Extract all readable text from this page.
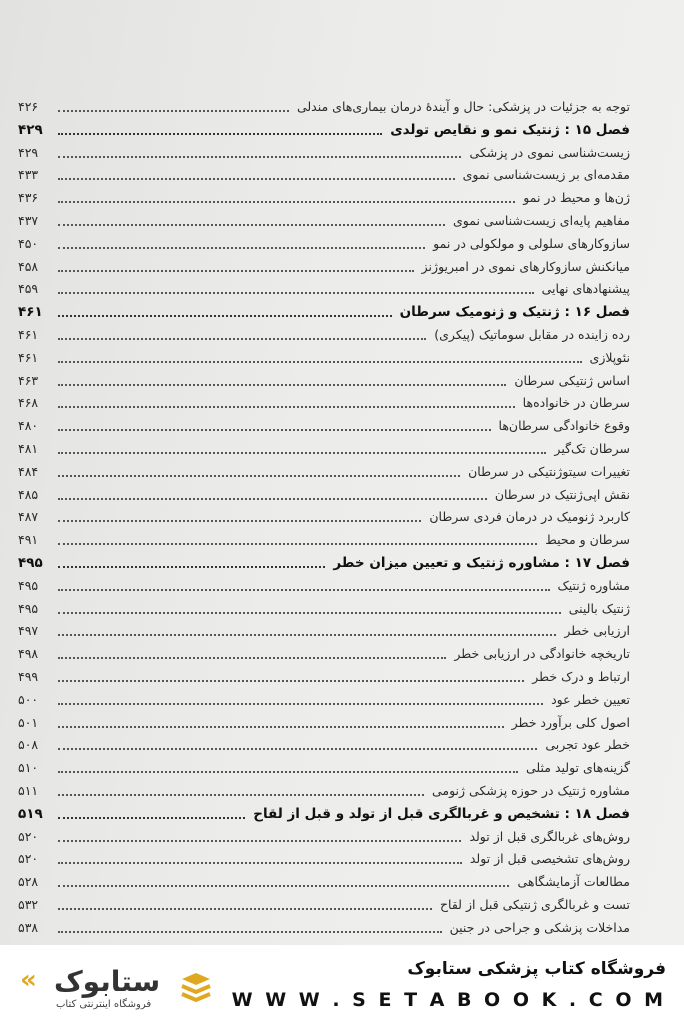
توجه به جزئیات در پزشکی: حال و آیندهٔ درمان بیماری‌های مندلی
۴۲۶
فصل ۱۵ : ژنتیک نمو و نقایص تولدی
۴۲۹
زیست‌شناسی نموی در پزشکی
۴۲۹
مقدمه‌ای بر زیست‌شناسی نموی
۴۳۳
ژن‌ها و محیط در نمو
۴۳۶
مفاهیم پایه‌ای زیست‌شناسی نموی
۴۳۷
سازوکارهای سلولی و مولکولی در نمو
۴۵۰
میانکنش سازوکارهای نموی در امبریوژنز
۴۵۸
پیشنهادهای نهایی
۴۵۹
فصل ۱۶ : ژنتیک و ژنومیک سرطان
۴۶۱
رده زاینده در مقابل سوماتیک (پیکری)
۴۶۱
نئوپلازی
۴۶۱
اساس ژنتیکی سرطان
۴۶۳
سرطان در خانواده‌ها
۴۶۸
وقوع خانوادگی سرطان‌ها
۴۸۰
سرطان تک‌گیر
۴۸۱
تغییرات سیتوژنتیکی در سرطان
۴۸۴
نقش اپی‌ژنتیک در سرطان
۴۸۵
کاربرد ژنومیک در درمان فردی سرطان
۴۸۷
سرطان و محیط
۴۹۱
فصل ۱۷ : مشاوره ژنتیک و تعیین میزان خطر
۴۹۵
مشاوره ژنتیک
۴۹۵
ژنتیک بالینی
۴۹۵
ارزیابی خطر
۴۹۷
تاریخچه خانوادگی در ارزیابی خطر
۴۹۸
ارتباط و درک خطر
۴۹۹
تعیین خطر عود
۵۰۰
اصول کلی برآورد خطر
۵۰۱
خطر عود تجربی
۵۰۸
گزینه‌های تولید مثلی
۵۱۰
مشاوره ژنتیک در حوزه پزشکی ژنومی
۵۱۱
فصل ۱۸ : تشخیص و غربالگری قبل از تولد و قبل از لقاح
۵۱۹
روش‌های غربالگری قبل از تولد
۵۲۰
روش‌های تشخیصی قبل از تولد
۵۲۰
مطالعات آزمایشگاهی
۵۲۸
تست و غربالگری ژنتیکی قبل از لقاح
۵۳۲
مداخلات پزشکی و جراحی در جنین
۵۳۸
« ستابوک
فروشگاه اینترنتی کتاب
فروشگاه کتاب پزشکی ستابوک
W W W . S E T A B O O K . C O M
